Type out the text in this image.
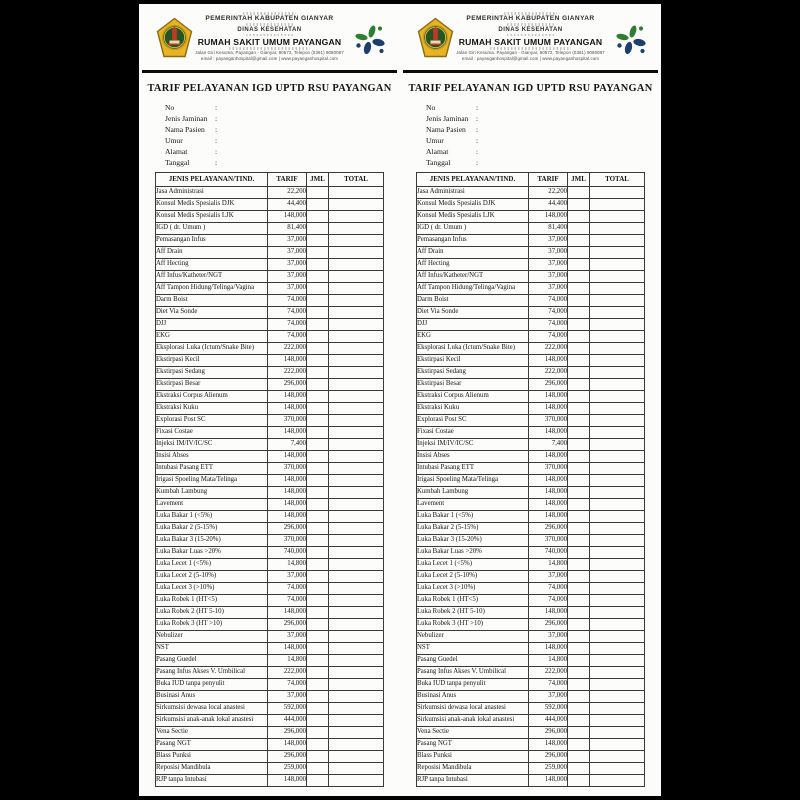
PEMERINTAH KABUPATEN GIANYAR
DINAS KESEHATAN
RUMAH SAKIT UMUM PAYANGAN
Jalan Giri Kesuma, Payangan - Gianyar, 80572, Telepon (0361) 9080087
email : payanganhospital@gmail.com | www.payanganhospital.com
TARIF PELAYANAN IGD UPTD RSU PAYANGAN
No	:
Jenis Jaminan :
Nama Pasien	:
Umur	:
Alamat	:
Tanggal	:
JENIS PELAYANAN/TIND.	TARIF	JML	TOTAL
Jasa Administrasi	22,200		
Konsul Medis Spesialis DJK	44,400		
Konsul Medis Spesialis LJK	148,000		
IGD ( dr. Umum )	81,400		
Pemasangan Infus	37,000		
Aff Drain	37,000		
Aff Hecting	37,000		
Aff Infus/Katheter/NGT	37,000		
Aff Tampon Hidung/Telinga/Vagina	37,000		
Darm Boist	74,000		
Diet Via Sonde	74,000		
DJJ	74,000		
EKG	74,000		
Eksplorasi Luka (Ictum/Snake Bite)	222,000		
Ekstirpasi Kecil	148,000		
Ekstirpasi Sedang	222,000		
Ekstirpasi Besar	296,000		
Ekstraksi Corpus Alienum	148,000		
Ekstraksi Kuku	148,000		
Explorasi Post SC	370,000		
Fixasi Costae	148,000		
Injeksi IM/IV/IC/SC	7,400		
Insisi Abses	148,000		
Intubasi Pasang ETT	370,000		
Irigasi Spoeling Mata/Telinga	148,000		
Kumbah Lambung	148,000		
Lavement	148,000		
Luka Bakar 1 (<5%)	148,000		
Luka Bakar 2 (5-15%)	296,000		
Luka Bakar 3 (15-20%)	370,000		
Luka Bakar Luas >20%	740,000		
Luka Lecet 1 (<5%)	14,800		
Luka Lecet 2 (5-10%)	37,000		
Luka Lecet 3 (>10%)	74,000		
Luka Robek 1 (HT<5)	74,000		
Luka Robek 2 (HT 5-10)	148,000		
Luka Robek 3 (HT >10)	296,000		
Nebulizer	37,000		
NST	148,000		
Pasang Guedel	14,800		
Pasang Infus Akses V. Umbilical	222,000		
Buka IUD tanpa penyulit	74,000		
Businasi Anus	37,000		
Sirkumsisi dewasa local anastesi	592,000		
Sirkumsisi anak-anak lokal anastesi	444,000		
Vena Sectie	296,000		
Pasang NGT	148,000		
Blass Punksi	296,000		
Reposisi Mandibula	259,000		
RJP tanpa Intubasi	148,000		
PEMERINTAH KABUPATEN GIANYAR
DINAS KESEHATAN
RUMAH SAKIT UMUM PAYANGAN
Jalan Giri Kesuma, Payangan - Gianyar, 80572, Telepon (0361) 9080087
email : payanganhospital@gmail.com | www.payanganhospital.com
TARIF PELAYANAN IGD UPTD RSU PAYANGAN
No	:
Jenis Jaminan :
Nama Pasien	:
Umur	:
Alamat	:
Tanggal	:
JENIS PELAYANAN/TIND.	TARIF	JML	TOTAL
Jasa Administrasi	22,200		
Konsul Medis Spesialis DJK	44,400		
Konsul Medis Spesialis LJK	148,000		
IGD ( dr. Umum )	81,400		
Pemasangan Infus	37,000		
Aff Drain	37,000		
Aff Hecting	37,000		
Aff Infus/Katheter/NGT	37,000		
Aff Tampon Hidung/Telinga/Vagina	37,000		
Darm Boist	74,000		
Diet Via Sonde	74,000		
DJJ	74,000		
EKG	74,000		
Eksplorasi Luka (Ictum/Snake Bite)	222,000		
Ekstirpasi Kecil	148,000		
Ekstirpasi Sedang	222,000		
Ekstirpasi Besar	296,000		
Ekstraksi Corpus Alienum	148,000		
Ekstraksi Kuku	148,000		
Explorasi Post SC	370,000		
Fixasi Costae	148,000		
Injeksi IM/IV/IC/SC	7,400		
Insisi Abses	148,000		
Intubasi Pasang ETT	370,000		
Irigasi Spoeling Mata/Telinga	148,000		
Kumbah Lambung	148,000		
Lavement	148,000		
Luka Bakar 1 (<5%)	148,000		
Luka Bakar 2 (5-15%)	296,000		
Luka Bakar 3 (15-20%)	370,000		
Luka Bakar Luas >20%	740,000		
Luka Lecet 1 (<5%)	14,800		
Luka Lecet 2 (5-10%)	37,000		
Luka Lecet 3 (>10%)	74,000		
Luka Robek 1 (HT<5)	74,000		
Luka Robek 2 (HT 5-10)	148,000		
Luka Robek 3 (HT >10)	296,000		
Nebulizer	37,000		
NST	148,000		
Pasang Guedel	14,800		
Pasang Infus Akses V. Umbilical	222,000		
Buka IUD tanpa penyulit	74,000		
Businasi Anus	37,000		
Sirkumsisi dewasa local anastesi	592,000		
Sirkumsisi anak-anak lokal anastesi	444,000		
Vena Sectie	296,000		
Pasang NGT	148,000		
Blass Punksi	296,000		
Reposisi Mandibula	259,000		
RJP tanpa Intubasi	148,000		
